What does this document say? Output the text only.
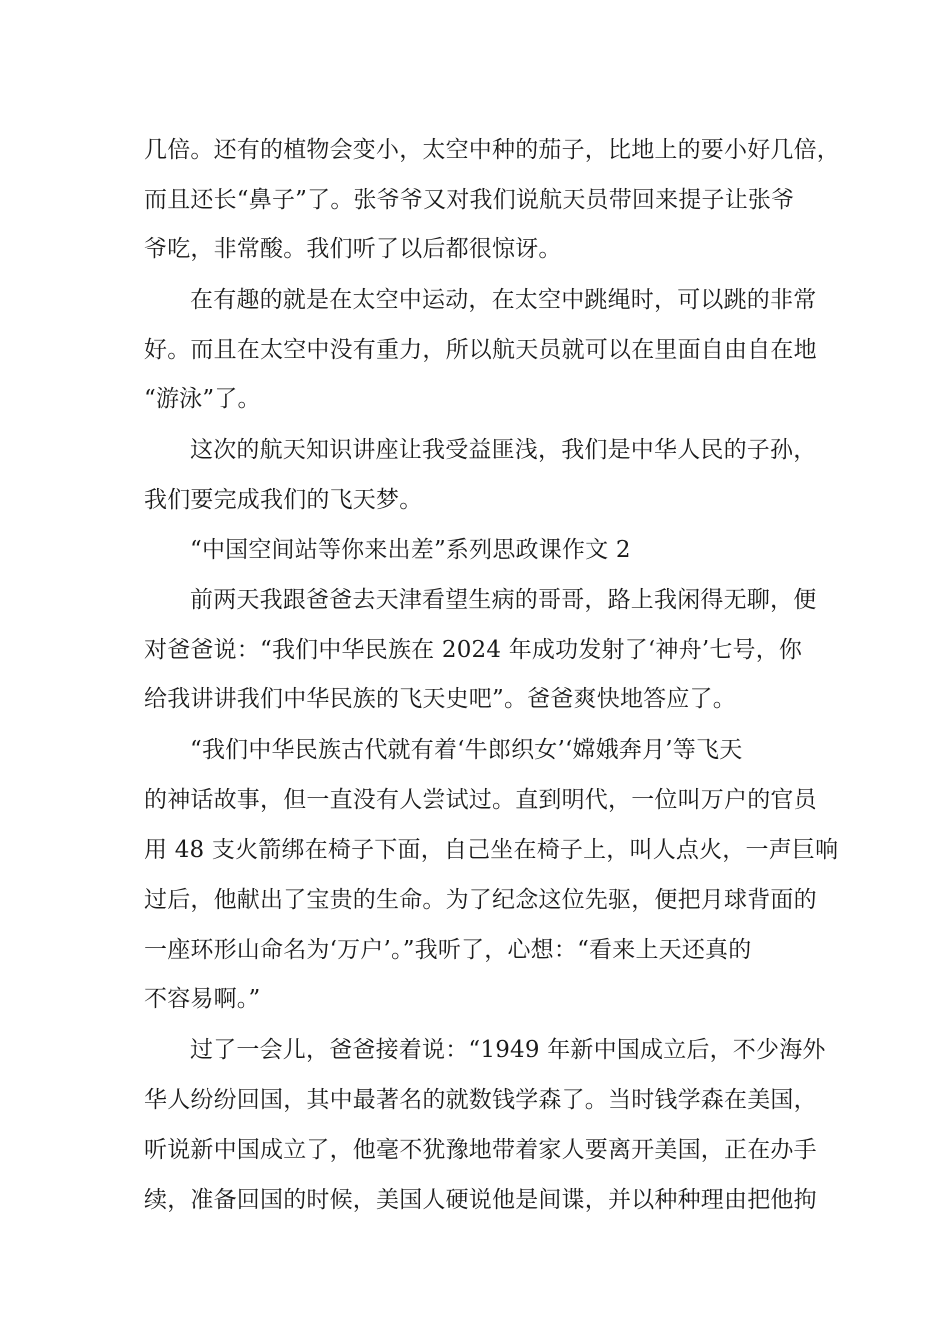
几倍。还有的植物会变小，太空中种的茄子，比地上的要小好几倍，
而且还长“鼻子”了。张爷爷又对我们说航天员带回来提子让张爷
爷吃，非常酸。我们听了以后都很惊讶。
在有趣的就是在太空中运动，在太空中跳绳时，可以跳的非常
好。而且在太空中没有重力，所以航天员就可以在里面自由自在地
“游泳”了。
这次的航天知识讲座让我受益匪浅，我们是中华人民的子孙，
我们要完成我们的飞天梦。
“中国空间站等你来出差”系列思政课作文 2
前两天我跟爸爸去天津看望生病的哥哥，路上我闲得无聊，便
对爸爸说：“我们中华民族在 2024 年成功发射了‘神舟’七号，你
给我讲讲我们中华民族的飞天史吧”。爸爸爽快地答应了。
“我们中华民族古代就有着‘牛郎织女’‘嫦娥奔月’等飞天
的神话故事，但一直没有人尝试过。直到明代，一位叫万户的官员
用 48 支火箭绑在椅子下面，自己坐在椅子上，叫人点火，一声巨响
过后，他献出了宝贵的生命。为了纪念这位先驱，便把月球背面的
一座环形山命名为‘万户’。”我听了，心想：“看来上天还真的
不容易啊。”
过了一会儿，爸爸接着说：“1949 年新中国成立后，不少海外
华人纷纷回国，其中最著名的就数钱学森了。当时钱学森在美国，
听说新中国成立了，他毫不犹豫地带着家人要离开美国，正在办手
续，准备回国的时候，美国人硬说他是间谍，并以种种理由把他拘
